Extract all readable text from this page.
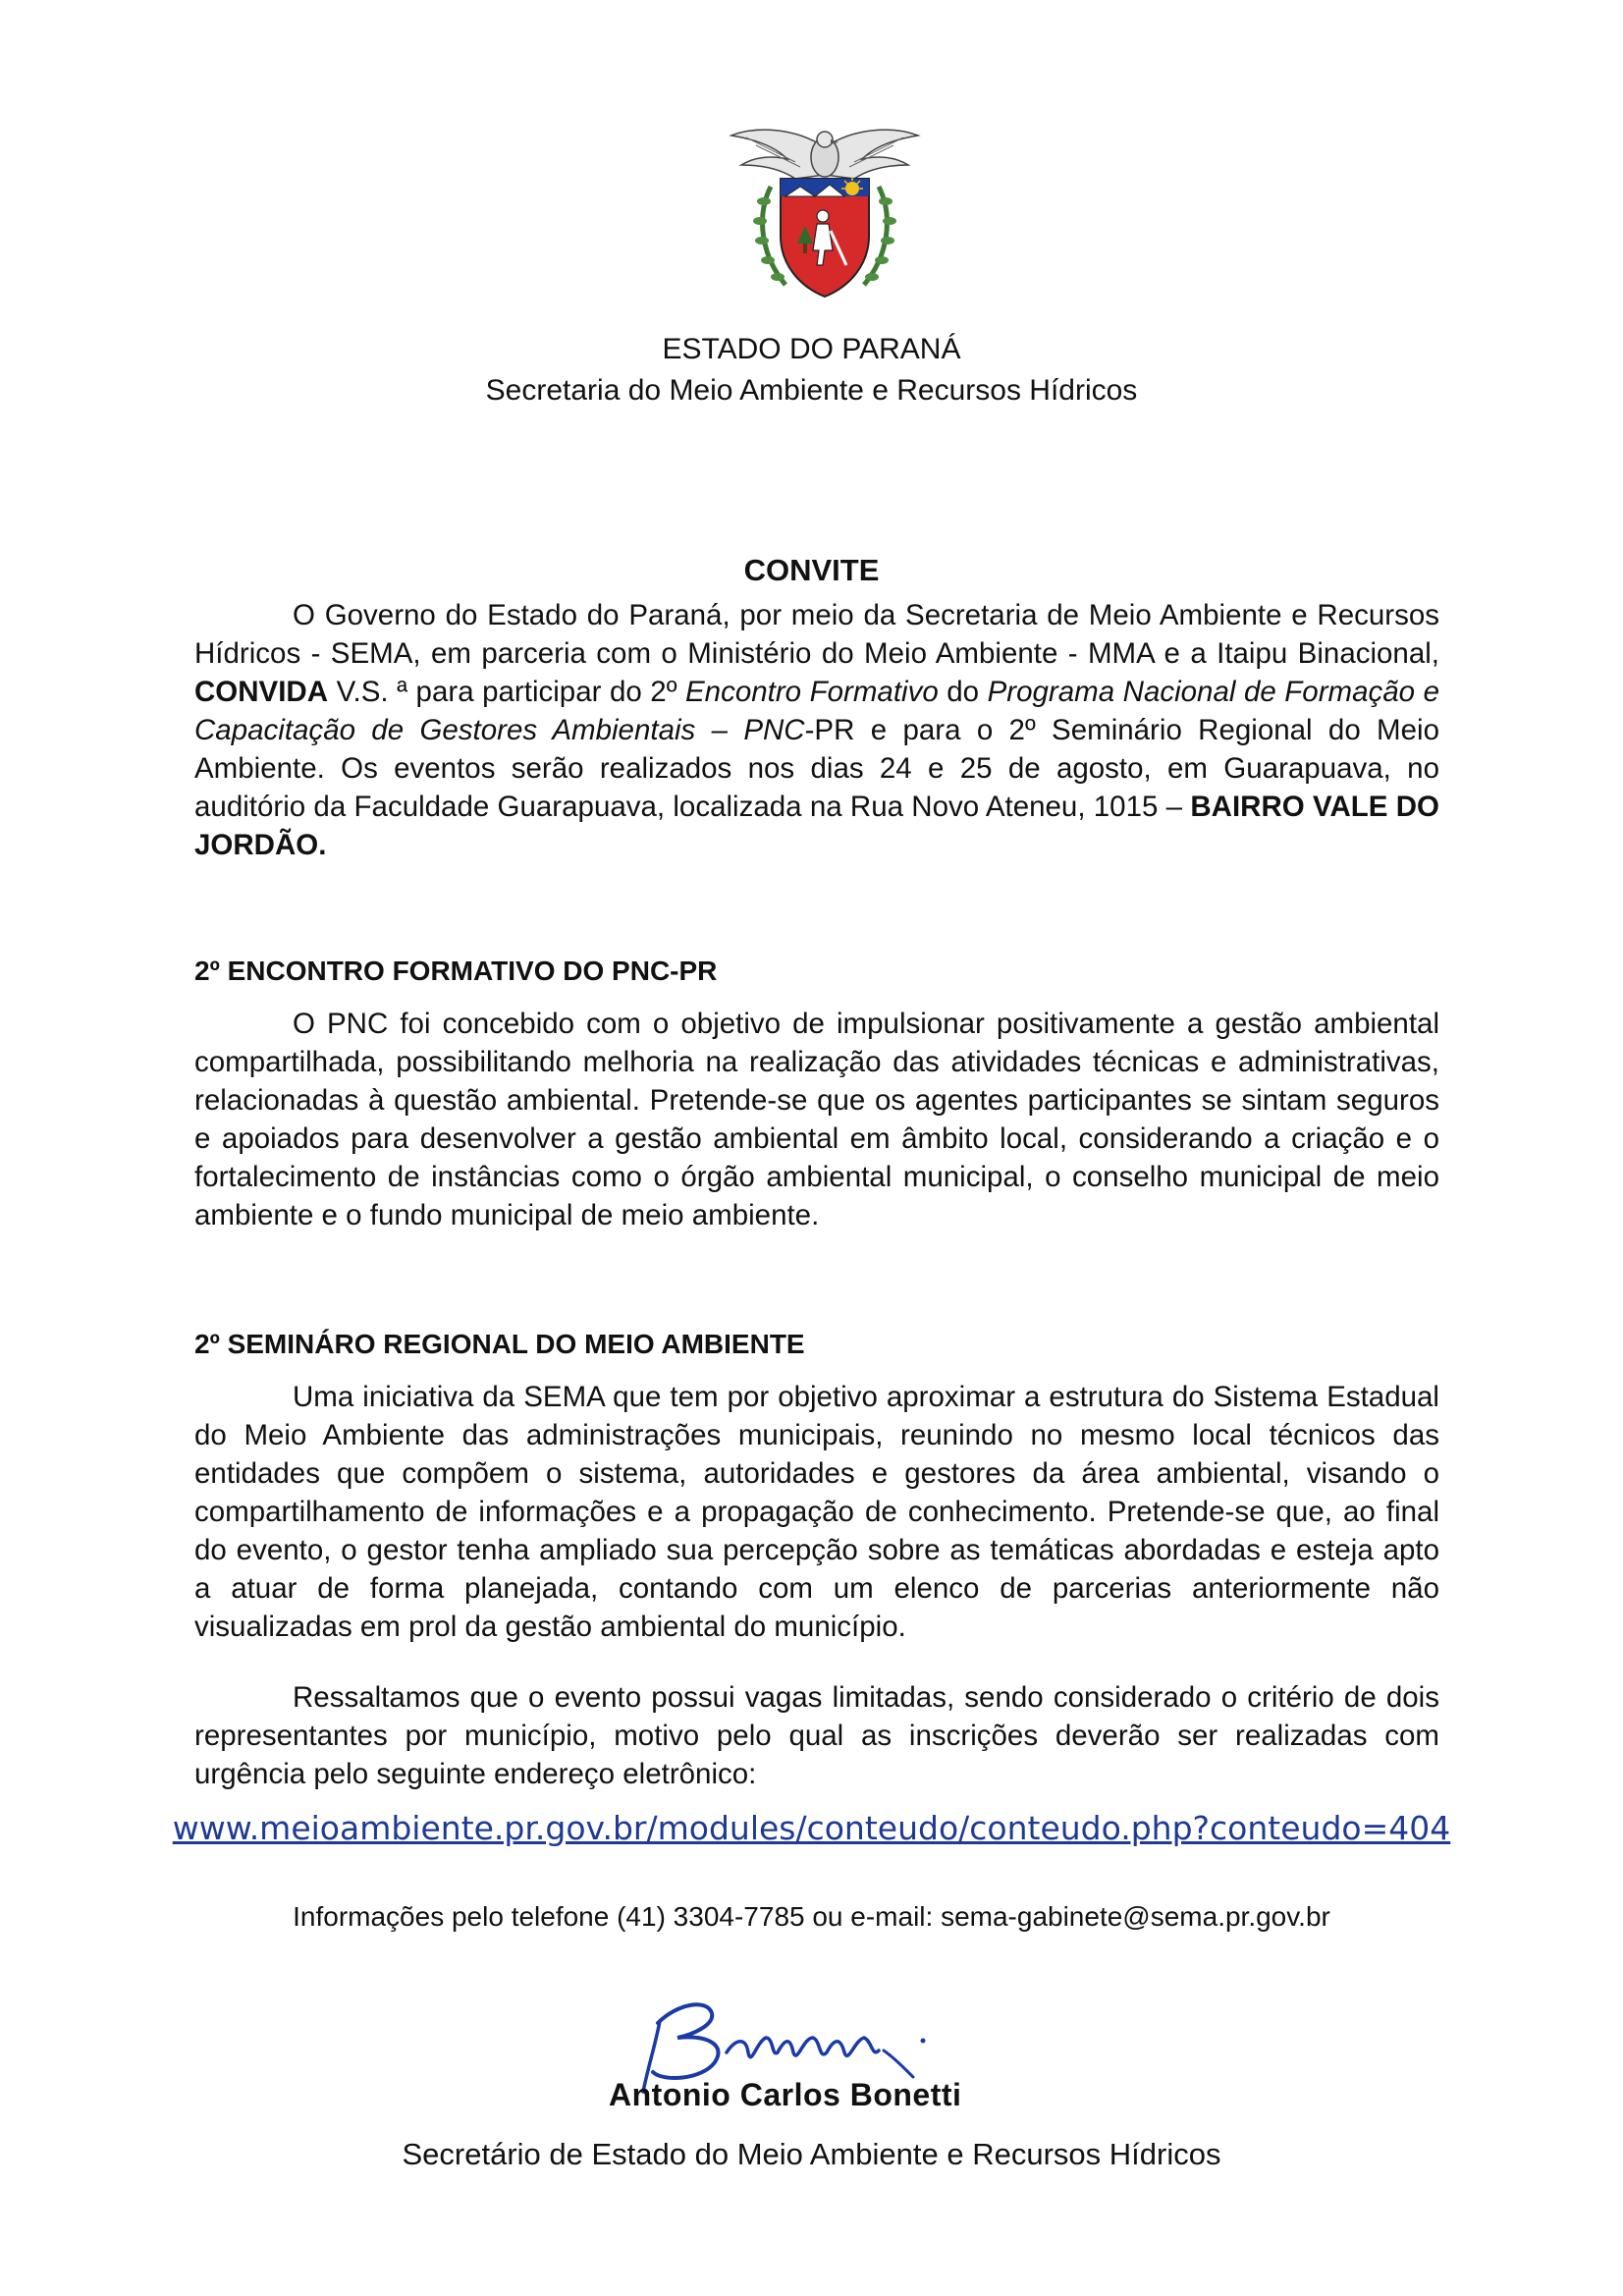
ESTADO DO PARANÁ
Secretaria do Meio Ambiente e Recursos Hídricos
CONVITE

O Governo do Estado do Paraná, por meio da Secretaria de Meio Ambiente e Recursos Hídricos - SEMA, em parceria com o Ministério do Meio Ambiente - MMA e a Itaipu Binacional, CONVIDA V.S. ª para participar do 2º Encontro Formativo do Programa Nacional de Formação e Capacitação de Gestores Ambientais – PNC-PR e para o 2º Seminário Regional do Meio Ambiente. Os eventos serão realizados nos dias 24 e 25 de agosto, em Guarapuava, no auditório da Faculdade Guarapuava, localizada na Rua Novo Ateneu, 1015 – BAIRRO VALE DO JORDÃO.

2º ENCONTRO FORMATIVO DO PNC-PR

O PNC foi concebido com o objetivo de impulsionar positivamente a gestão ambiental compartilhada, possibilitando melhoria na realização das atividades técnicas e administrativas, relacionadas à questão ambiental. Pretende-se que os agentes participantes se sintam seguros e apoiados para desenvolver a gestão ambiental em âmbito local, considerando a criação e o fortalecimento de instâncias como o órgão ambiental municipal, o conselho municipal de meio ambiente e o fundo municipal de meio ambiente.

2º SEMINÁRO REGIONAL DO MEIO AMBIENTE

Uma iniciativa da SEMA que tem por objetivo aproximar a estrutura do Sistema Estadual do Meio Ambiente das administrações municipais, reunindo no mesmo local técnicos das entidades que compõem o sistema, autoridades e gestores da área ambiental, visando o compartilhamento de informações e a propagação de conhecimento. Pretende-se que, ao final do evento, o gestor tenha ampliado sua percepção sobre as temáticas abordadas e esteja apto a atuar de forma planejada, contando com um elenco de parcerias anteriormente não visualizadas em prol da gestão ambiental do município.

Ressaltamos que o evento possui vagas limitadas, sendo considerado o critério de dois representantes por município, motivo pelo qual as inscrições deverão ser realizadas com urgência pelo seguinte endereço eletrônico:

www.meioambiente.pr.gov.br/modules/conteudo/conteudo.php?conteudo=404
Informações pelo telefone (41) 3304-7785 ou e-mail: sema-gabinete@sema.pr.gov.br
Antonio Carlos Bonetti
Secretário de Estado do Meio Ambiente e Recursos Hídricos
